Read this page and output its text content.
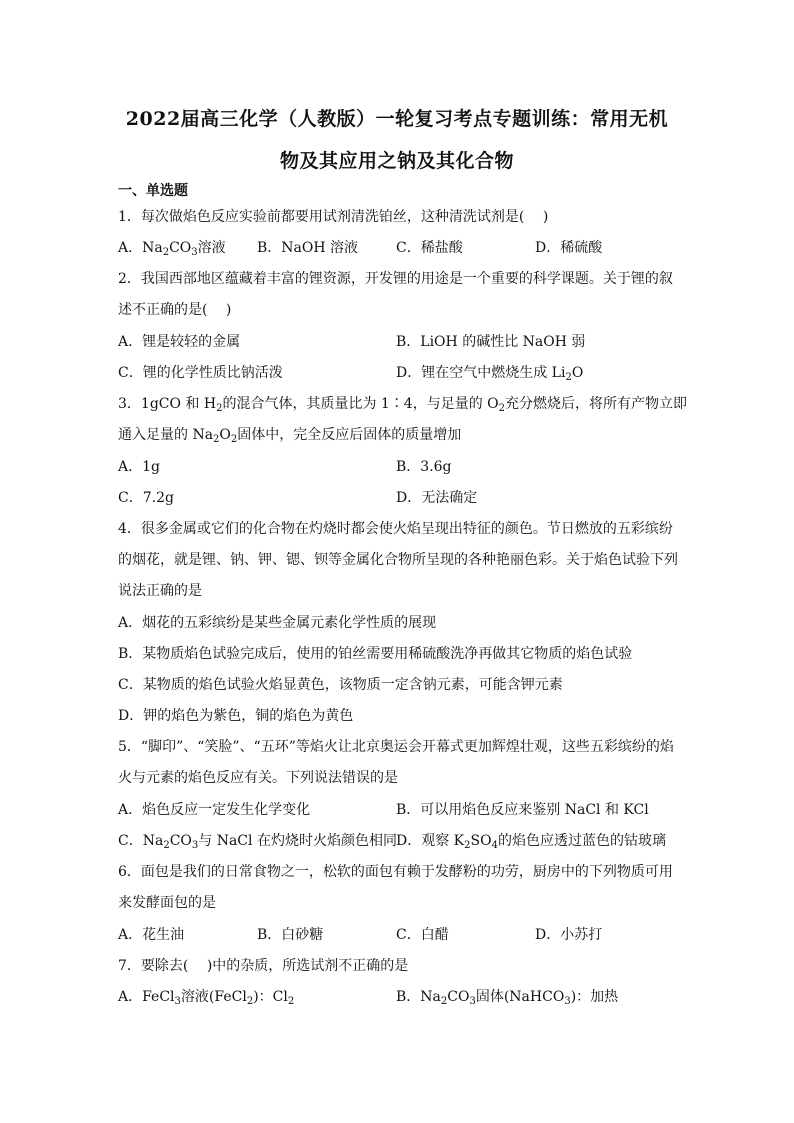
2022届高三化学（人教版）一轮复习考点专题训练：常用无机
物及其应用之钠及其化合物
一、单选题
1．每次做焰色反应实验前都要用试剂清洗铂丝，这种清洗试剂是(　 )
A．$Na_2CO_3$溶液 B．NaOH 溶液	C．稀盐酸	D．稀硫酸
2．我国西部地区蕴藏着丰富的锂资源，开发锂的用途是一个重要的科学课题。关于锂的叙
述不正确的是(　 )
A．锂是较轻的金属	B．LiOH 的碱性比 NaOH 弱
C．锂的化学性质比钠活泼	D．锂在空气中燃烧生成 $Li_2O$
3．1gCO 和 $H_2$的混合气体，其质量比为 1∶4，与足量的 $O_2$充分燃烧后，将所有产物立即
通入足量的 $Na_2O_2$固体中，完全反应后固体的质量增加
A．1g	B．3.6g
C．7.2g	D．无法确定
4．很多金属或它们的化合物在灼烧时都会使火焰呈现出特征的颜色。节日燃放的五彩缤纷
的烟花，就是锂、钠、钾、锶、钡等金属化合物所呈现的各种艳丽色彩。关于焰色试验下列
说法正确的是
A．烟花的五彩缤纷是某些金属元素化学性质的展现
B．某物质焰色试验完成后，使用的铂丝需要用稀硫酸洗净再做其它物质的焰色试验
C．某物质的焰色试验火焰显黄色，该物质一定含钠元素，可能含钾元素
D．钾的焰色为紫色，铜的焰色为黄色
5．“脚印”、“笑脸”、“五环”等焰火让北京奥运会开幕式更加辉煌壮观，这些五彩缤纷的焰
火与元素的焰色反应有关。下列说法错误的是
A．焰色反应一定发生化学变化	B．可以用焰色反应来鉴别 NaCl 和 KCl
C．$Na_2CO_3$与 NaCl 在灼烧时火焰颜色相同 D．观察 $K_2SO_4$的焰色应透过蓝色的钴玻璃
6．面包是我们的日常食物之一，松软的面包有赖于发酵粉的功劳，厨房中的下列物质可用
来发酵面包的是
A．花生油	B．白砂糖	C．白醋	D．小苏打
7．要除去(　 )中的杂质，所选试剂不正确的是
A．FeCl$_3$溶液(FeCl$_2$)：$Cl_2$	B．$Na_2CO_3$固体(NaHCO$_3$)：加热
